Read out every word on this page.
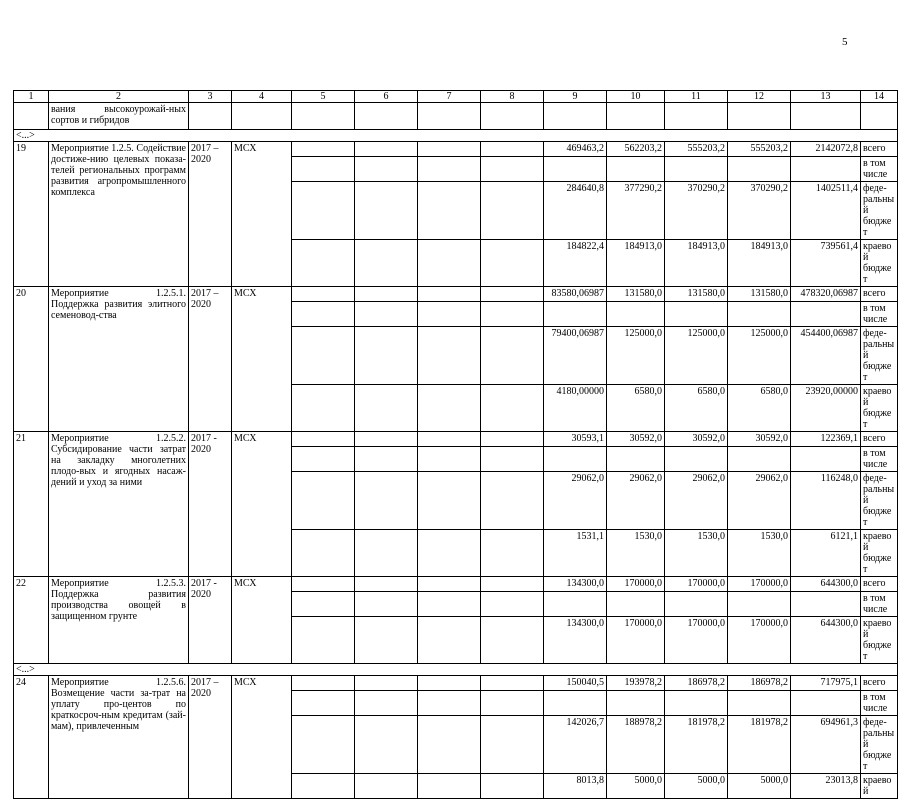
5
1	2	3	4	5	6	7	8	9	10	11	12	13	14
	вания высокоурожай-ных сортов и гибридов												
<...>													
19	Мероприятие 1.2.5. Содействие достиже-нию целевых показа-телей региональных программ развития агропромышленного комплекса	2017 – 2020	МСХ					469463,2	562203,2	555203,2	555203,2	2142072,8	всего
													в том числе
								284640,8	377290,2	370290,2	370290,2	1402511,4	феде-ральный бюджет
								184822,4	184913,0	184913,0	184913,0	739561,4	краевой бюджет
20	Мероприятие 1.2.5.1. Поддержка развития элитного семеновод-ства	2017 – 2020	МСХ					83580,06987	131580,0	131580,0	131580,0	478320,06987	всего
													в том числе
								79400,06987	125000,0	125000,0	125000,0	454400,06987	феде-ральный бюджет
								4180,00000	6580,0	6580,0	6580,0	23920,00000	краевой бюджет
21	Мероприятие 1.2.5.2. Субсидирование части затрат на закладку многолетних плодо-вых и ягодных насаж-дений и уход за ними	2017 - 2020	МСХ					30593,1	30592,0	30592,0	30592,0	122369,1	всего
													в том числе
								29062,0	29062,0	29062,0	29062,0	116248,0	феде-ральный бюджет
								1531,1	1530,0	1530,0	1530,0	6121,1	краевой бюджет
22	Мероприятие 1.2.5.3. Поддержка развития производства овощей в защищенном грунте	2017 - 2020	МСХ					134300,0	170000,0	170000,0	170000,0	644300,0	всего
													в том числе
								134300,0	170000,0	170000,0	170000,0	644300,0	краевой бюджет
<...>													
24	Мероприятие 1.2.5.6. Возмещение части за-трат на уплату про-центов по краткосроч-ным кредитам (зай-мам), привлеченным	2017 – 2020	МСХ					150040,5	193978,2	186978,2	186978,2	717975,1	всего
													в том числе
								142026,7	188978,2	181978,2	181978,2	694961,3	феде-ральный бюджет
								8013,8	5000,0	5000,0	5000,0	23013,8	краевой
